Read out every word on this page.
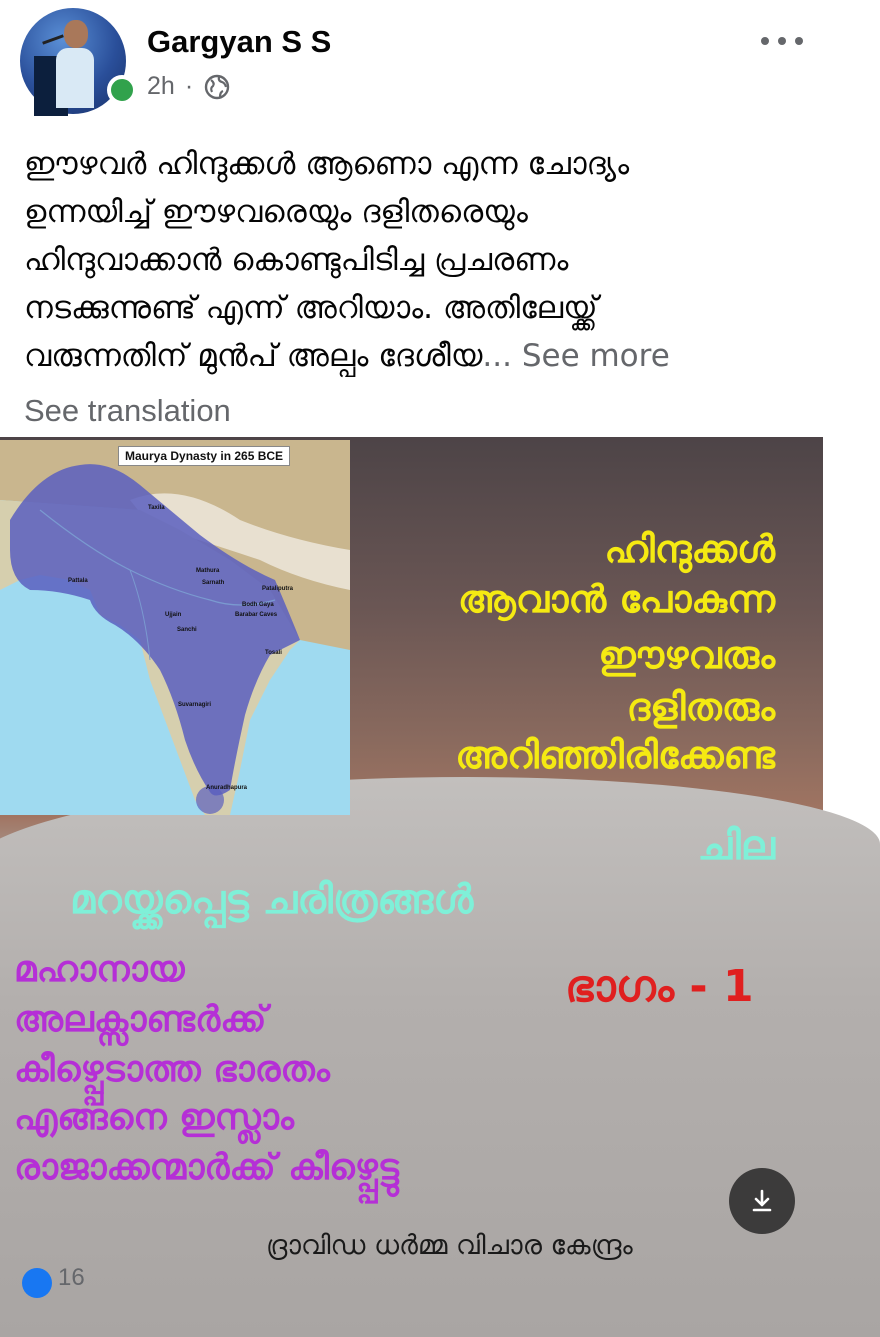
Gargyan S S
2h ·
ഈഴവർ ഹിന്ദുക്കൾ ആണൊ എന്ന ചോദ്യം
ഉന്നയിച്ച് ഈഴവരെയും ദളിതരെയും
ഹിന്ദുവാക്കാൻ കൊണ്ടുപിടിച്ച പ്രചരണം
നടക്കുന്നുണ്ട് എന്ന് അറിയാം. അതിലേയ്ക്ക്
വരുന്നതിന് മുൻപ് അല്പം ദേശീയ... See more
See translation
Maurya Dynasty in 265 BCE
Taxila
Pattala
Mathura
Sarnath
Pataliputra
Ujjain
Sanchi
Bodh Gaya
Barabar Caves
Tosali
Suvarnagiri
Anuradhapura
ഹിന്ദുക്കൾ
ആവാൻ പോകുന്ന
ഈഴവരും
ദളിതരും
അറിഞ്ഞിരിക്കേണ്ട
ചില
മറയ്ക്കപ്പെട്ട ചരിത്രങ്ങൾ
മഹാനായ
അലക്സാണ്ടർക്ക്
കീഴ്പ്പെടാത്ത ഭാരതം
എങ്ങനെ ഇസ്ലാം
രാജാക്കന്മാർക്ക് കീഴ്പ്പെട്ടു
ഭാഗം - 1
ദ്രാവിഡ ധർമ്മ വിചാര കേന്ദ്രം
16
